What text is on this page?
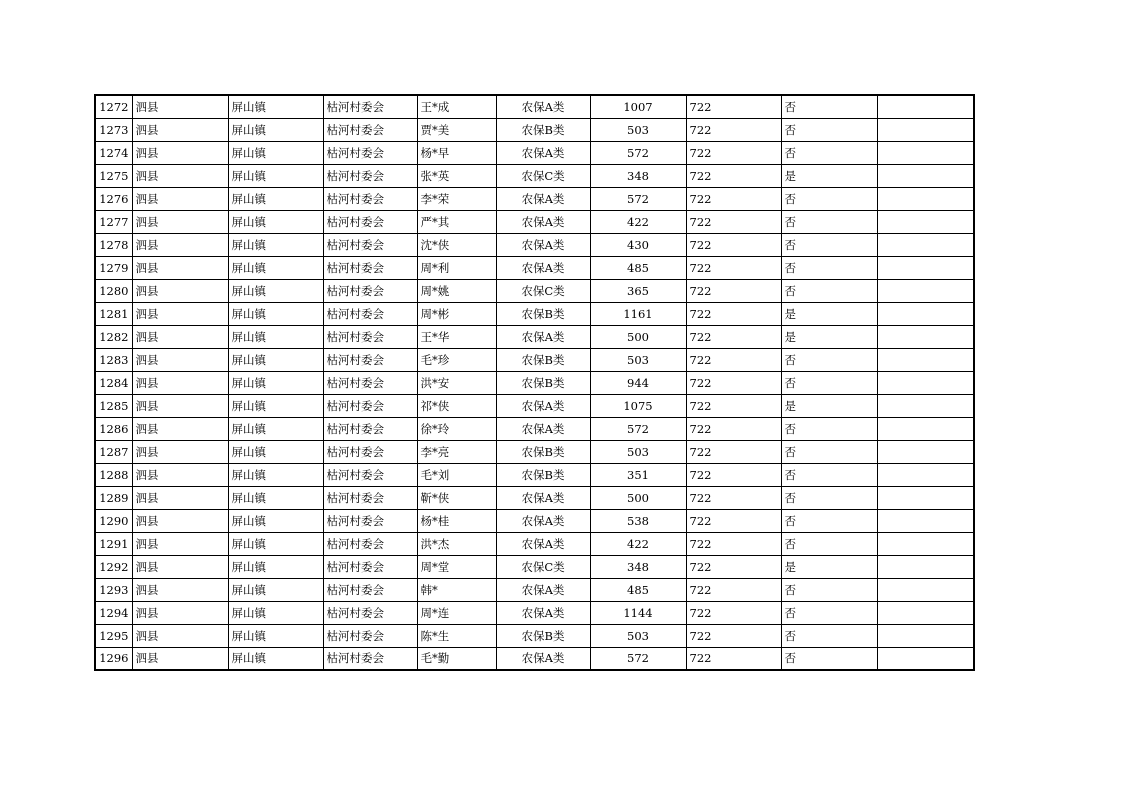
1272	泗县	屏山镇	枯河村委会	王*成	农保A类	1007	722	否	
1273	泗县	屏山镇	枯河村委会	贾*美	农保B类	503	722	否	
1274	泗县	屏山镇	枯河村委会	杨*早	农保A类	572	722	否	
1275	泗县	屏山镇	枯河村委会	张*英	农保C类	348	722	是	
1276	泗县	屏山镇	枯河村委会	李*荣	农保A类	572	722	否	
1277	泗县	屏山镇	枯河村委会	严*其	农保A类	422	722	否	
1278	泗县	屏山镇	枯河村委会	沈*侠	农保A类	430	722	否	
1279	泗县	屏山镇	枯河村委会	周*利	农保A类	485	722	否	
1280	泗县	屏山镇	枯河村委会	周*姚	农保C类	365	722	否	
1281	泗县	屏山镇	枯河村委会	周*彬	农保B类	1161	722	是	
1282	泗县	屏山镇	枯河村委会	王*华	农保A类	500	722	是	
1283	泗县	屏山镇	枯河村委会	毛*珍	农保B类	503	722	否	
1284	泗县	屏山镇	枯河村委会	洪*安	农保B类	944	722	否	
1285	泗县	屏山镇	枯河村委会	祁*侠	农保A类	1075	722	是	
1286	泗县	屏山镇	枯河村委会	徐*玲	农保A类	572	722	否	
1287	泗县	屏山镇	枯河村委会	李*亮	农保B类	503	722	否	
1288	泗县	屏山镇	枯河村委会	毛*刘	农保B类	351	722	否	
1289	泗县	屏山镇	枯河村委会	靳*侠	农保A类	500	722	否	
1290	泗县	屏山镇	枯河村委会	杨*桂	农保A类	538	722	否	
1291	泗县	屏山镇	枯河村委会	洪*杰	农保A类	422	722	否	
1292	泗县	屏山镇	枯河村委会	周*堂	农保C类	348	722	是	
1293	泗县	屏山镇	枯河村委会	韩*	农保A类	485	722	否	
1294	泗县	屏山镇	枯河村委会	周*连	农保A类	1144	722	否	
1295	泗县	屏山镇	枯河村委会	陈*生	农保B类	503	722	否	
1296	泗县	屏山镇	枯河村委会	毛*勤	农保A类	572	722	否	
